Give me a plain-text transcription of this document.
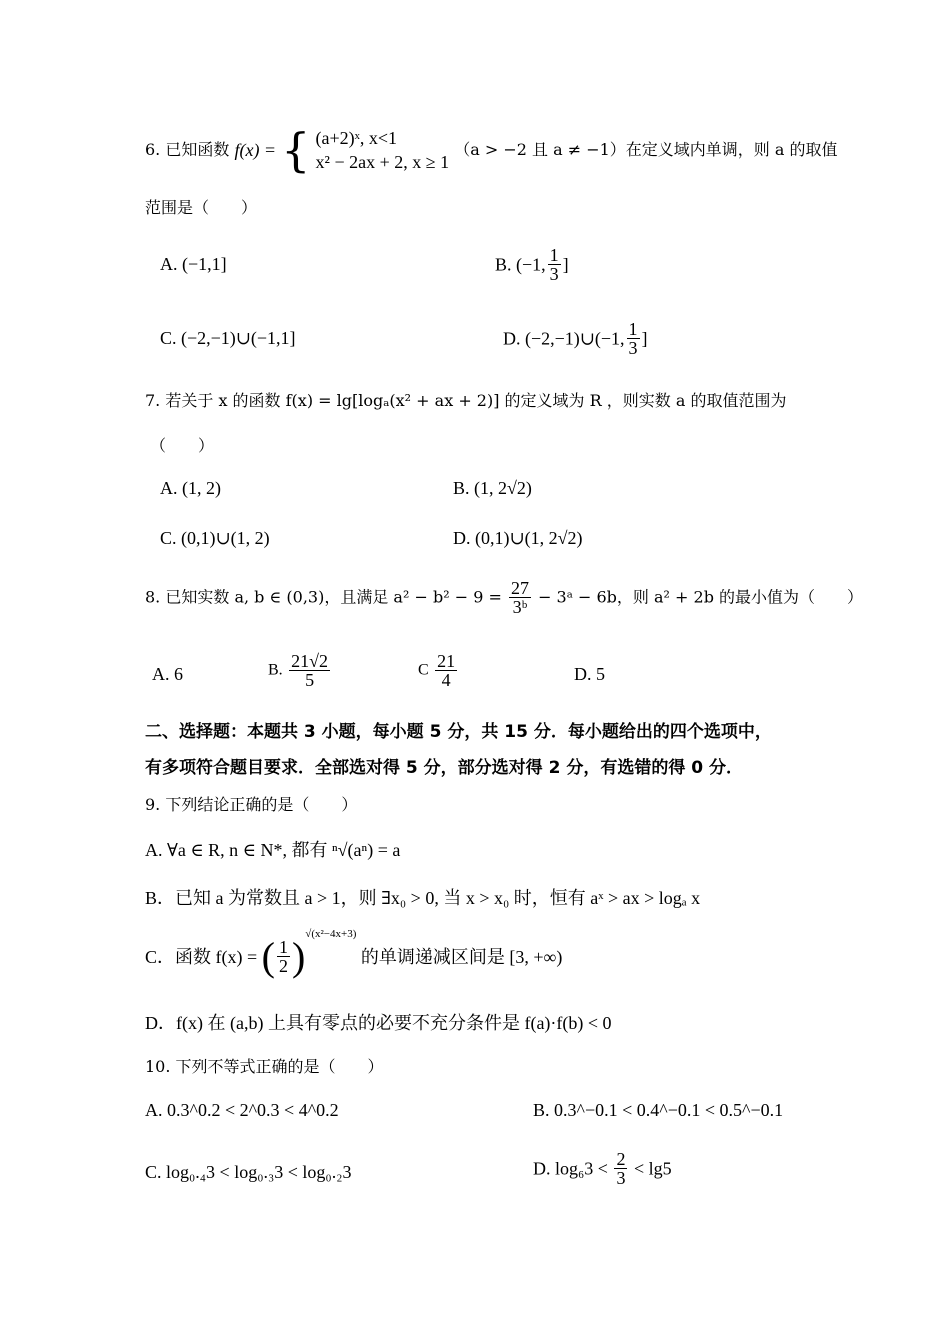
6. 已知函数 f(x) = { (a+2)ˣ, x<1
x² − 2ax + 2, x ≥ 1
（a > −2 且 a ≠ −1）在定义域内单调，则 a 的取值
范围是（　　）
A. (−1,1]	B. (−1, $\frac{1}{3}$ ]
C. (−2,−1)∪(−1,1]	D. (−2,−1)∪(−1, $\frac{1}{3}$ ]
7. 若关于 x 的函数 f(x) = lg[logₐ(x² + ax + 2)] 的定义域为 R ，则实数 a 的取值范围为
（　　）
A. (1, 2)	B. (1, 2√2)
C. (0,1)∪(1, 2)	D. (0,1)∪(1, 2√2)
8. 已知实数 a, b ∈ (0,3)，且满足 $a^2 - b^2 - 9 = \frac{27}{\text{3ᵇ}}$ − 3ᵃ − 6b，则 a² + 2b 的最小值为（　　）
A. 6	B. $\frac{21√2}{5}$	C $\frac{21}{4}$	D. 5
二、选择题：本题共 3 小题，每小题 5 分，共 15 分．每小题给出的四个选项中，
有多项符合题目要求．全部选对得 5 分，部分选对得 2 分，有选错的得 0 分．
9. 下列结论正确的是（　　）
A. ∀a ∈ R, n ∈ N*, 都有 ⁿ√(aⁿ) = a
B．已知 a 为常数且 a > 1，则 ∃x₀ > 0, 当 x > x₀ 时，恒有 aˣ > ax > logₐ x
C．函数 f(x) = ( $\frac{1}{2} )^{√(x^2-4x+3)}$ 的单调递减区间是 [3, +∞)
D．f(x) 在 (a,b) 上具有零点的必要不充分条件是 f(a)·f(b) < 0
10. 下列不等式正确的是（　　）
A. 0.3^0.2 < 2^0.3 < 4^0.2	B. 0.3^−0.1 < 0.4^−0.1 < 0.5^−0.1
C. log₀.₄3 < log₀.₃3 < log₀.₂3	D. $\log_63 < \frac{2}{3} < \lg 5$
